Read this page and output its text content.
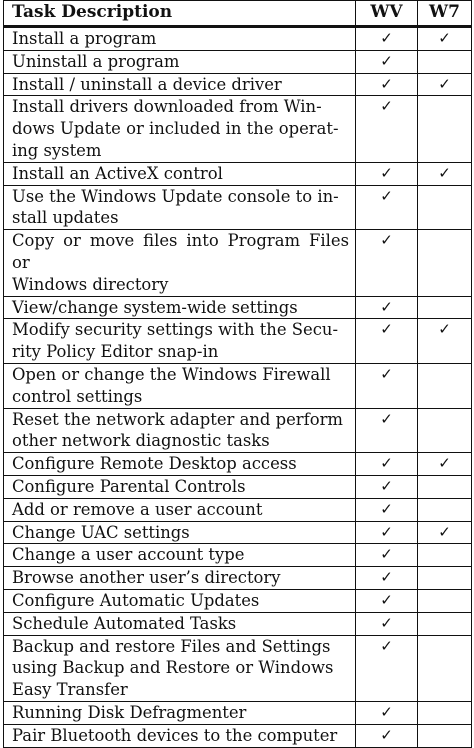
Task Description	WV	W7
Install a program	✓	✓
Uninstall a program	✓	
Install / uninstall a device driver	✓	✓
Install drivers downloaded from Win-
dows Update or included in the operat-
ing system	✓	
Install an ActiveX control	✓	✓
Use the Windows Update console to in-
stall updates	✓	
Copy or move files into Program Files or
Windows directory	✓	
View/change system-wide settings	✓	
Modify security settings with the Secu-
rity Policy Editor snap-in	✓	✓
Open or change the Windows Firewall
control settings	✓	
Reset the network adapter and perform
other network diagnostic tasks	✓	
Configure Remote Desktop access	✓	✓
Configure Parental Controls	✓	
Add or remove a user account	✓	
Change UAC settings	✓	✓
Change a user account type	✓	
Browse another user’s directory	✓	
Configure Automatic Updates	✓	
Schedule Automated Tasks	✓	
Backup and restore Files and Settings
using Backup and Restore or Windows
Easy Transfer	✓	
Running Disk Defragmenter	✓	
Pair Bluetooth devices to the computer	✓	
